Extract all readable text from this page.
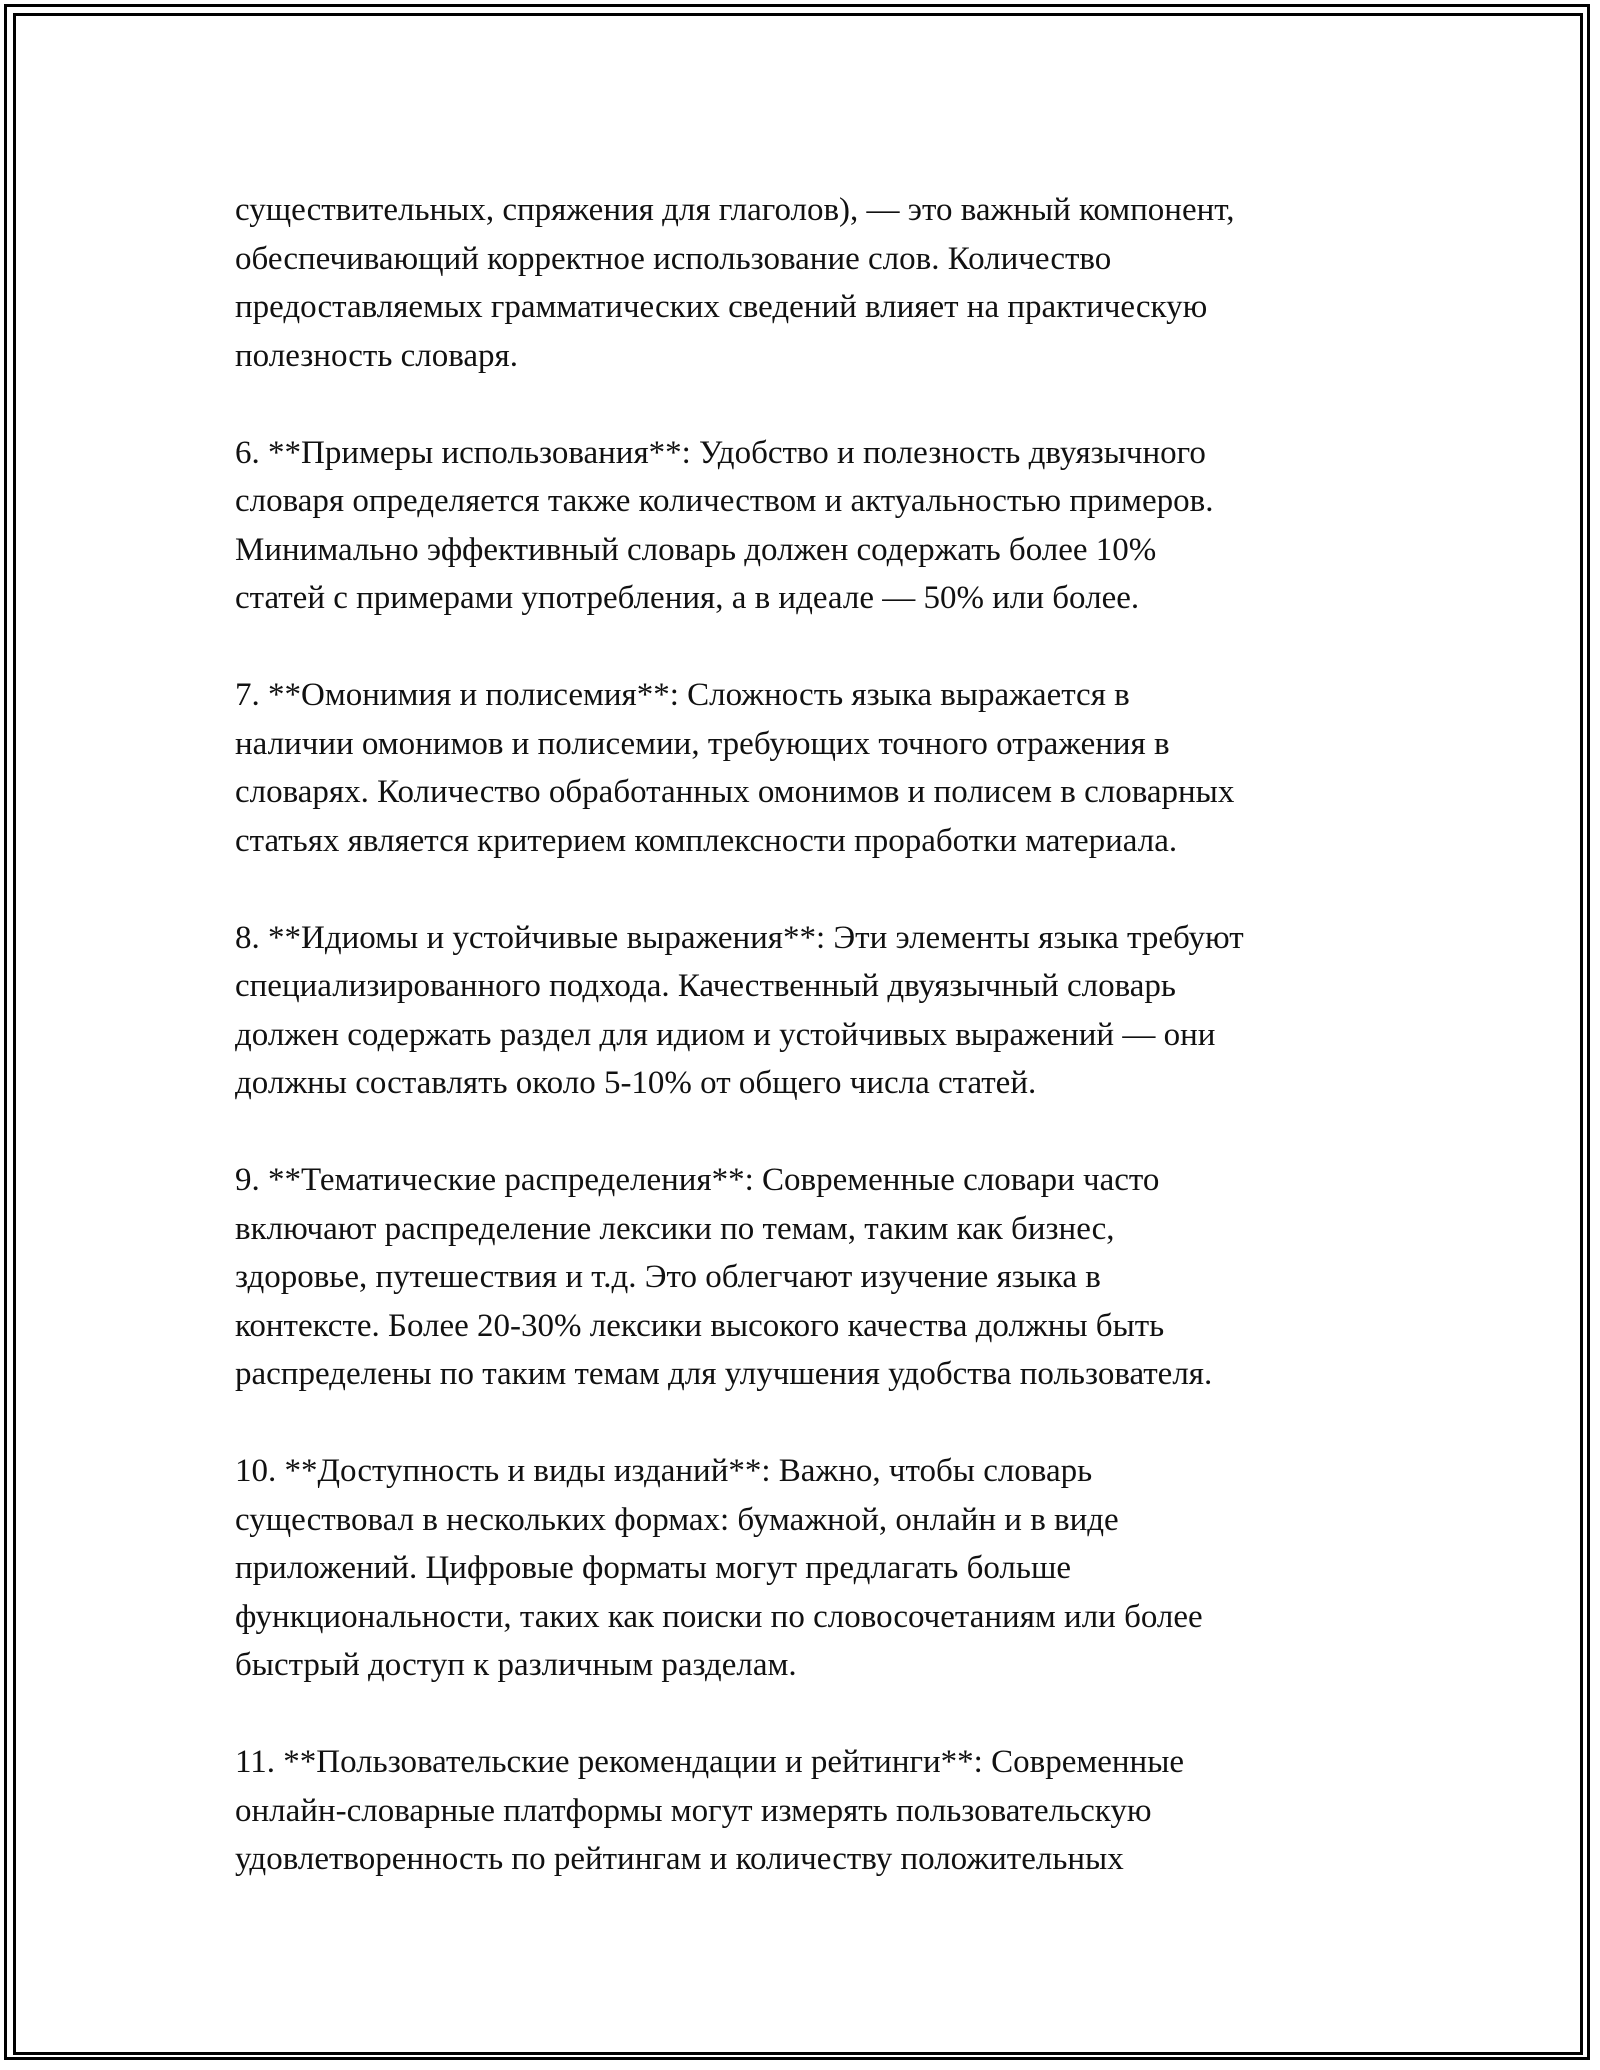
существительных, спряжения для глаголов), — это важный компонент,
обеспечивающий корректное использование слов. Количество
предоставляемых грамматических сведений влияет на практическую
полезность словаря.

6. **Примеры использования**: Удобство и полезность двуязычного
словаря определяется также количеством и актуальностью примеров.
Минимально эффективный словарь должен содержать более 10%
статей с примерами употребления, а в идеале — 50% или более.

7. **Омонимия и полисемия**: Сложность языка выражается в
наличии омонимов и полисемии, требующих точного отражения в
словарях. Количество обработанных омонимов и полисем в словарных
статьях является критерием комплексности проработки материала.

8. **Идиомы и устойчивые выражения**: Эти элементы языка требуют
специализированного подхода. Качественный двуязычный словарь
должен содержать раздел для идиом и устойчивых выражений — они
должны составлять около 5-10% от общего числа статей.

9. **Тематические распределения**: Современные словари часто
включают распределение лексики по темам, таким как бизнес,
здоровье, путешествия и т.д. Это облегчают изучение языка в
контексте. Более 20-30% лексики высокого качества должны быть
распределены по таким темам для улучшения удобства пользователя.

10. **Доступность и виды изданий**: Важно, чтобы словарь
существовал в нескольких формах: бумажной, онлайн и в виде
приложений. Цифровые форматы могут предлагать больше
функциональности, таких как поиски по словосочетаниям или более
быстрый доступ к различным разделам.

11. **Пользовательские рекомендации и рейтинги**: Современные
онлайн-словарные платформы могут измерять пользовательскую
удовлетворенность по рейтингам и количеству положительных
